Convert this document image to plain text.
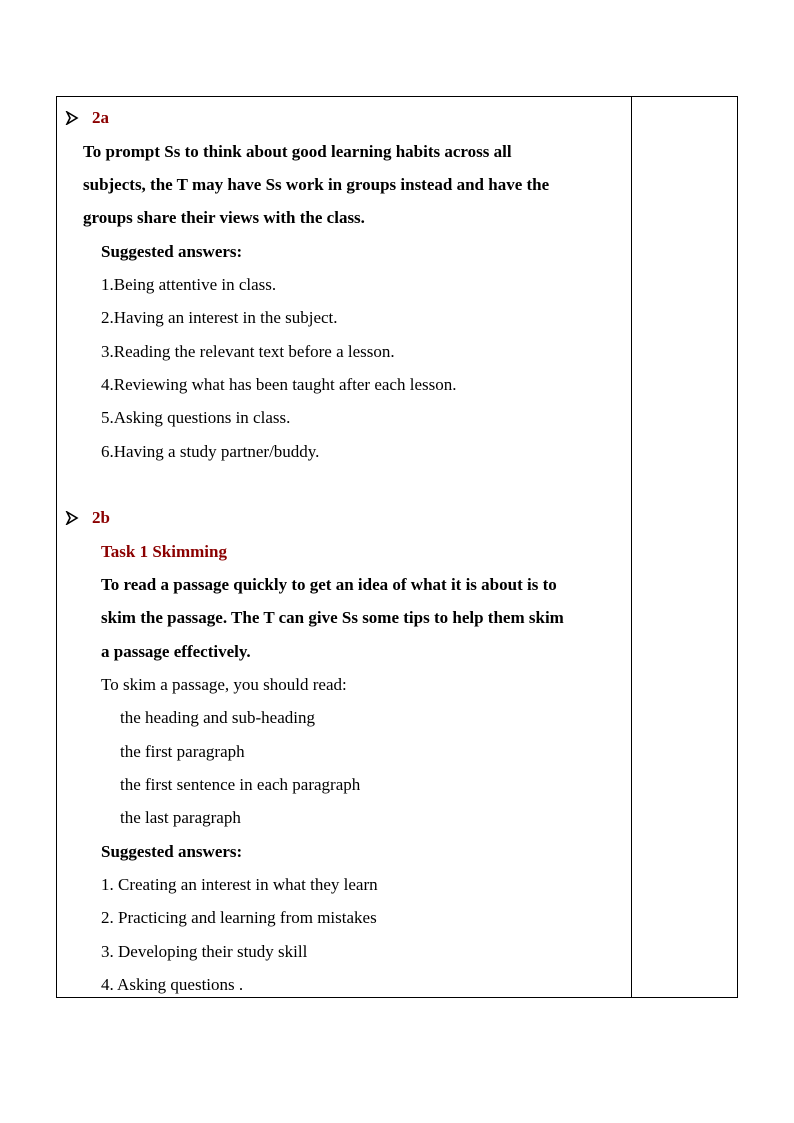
2a
To prompt Ss to think about good learning habits across all
subjects, the T may have Ss work in groups instead and have the
groups share their views with the class.
Suggested answers:
1.Being attentive in class.
2.Having an interest in the subject.
3.Reading the relevant text before a lesson.
4.Reviewing what has been taught after each lesson.
5.Asking questions in class.
6.Having a study partner/buddy.
2b
Task 1 Skimming
To read a passage quickly to get an idea of what it is about is to
skim the passage. The T can give Ss some tips to help them skim
a passage effectively.
To skim a passage, you should read:
the heading and sub-heading
the first paragraph
the first sentence in each paragraph
the last paragraph
Suggested answers:
1. Creating an interest in what they learn
2. Practicing and learning from mistakes
3. Developing their study skill
4. Asking questions .
